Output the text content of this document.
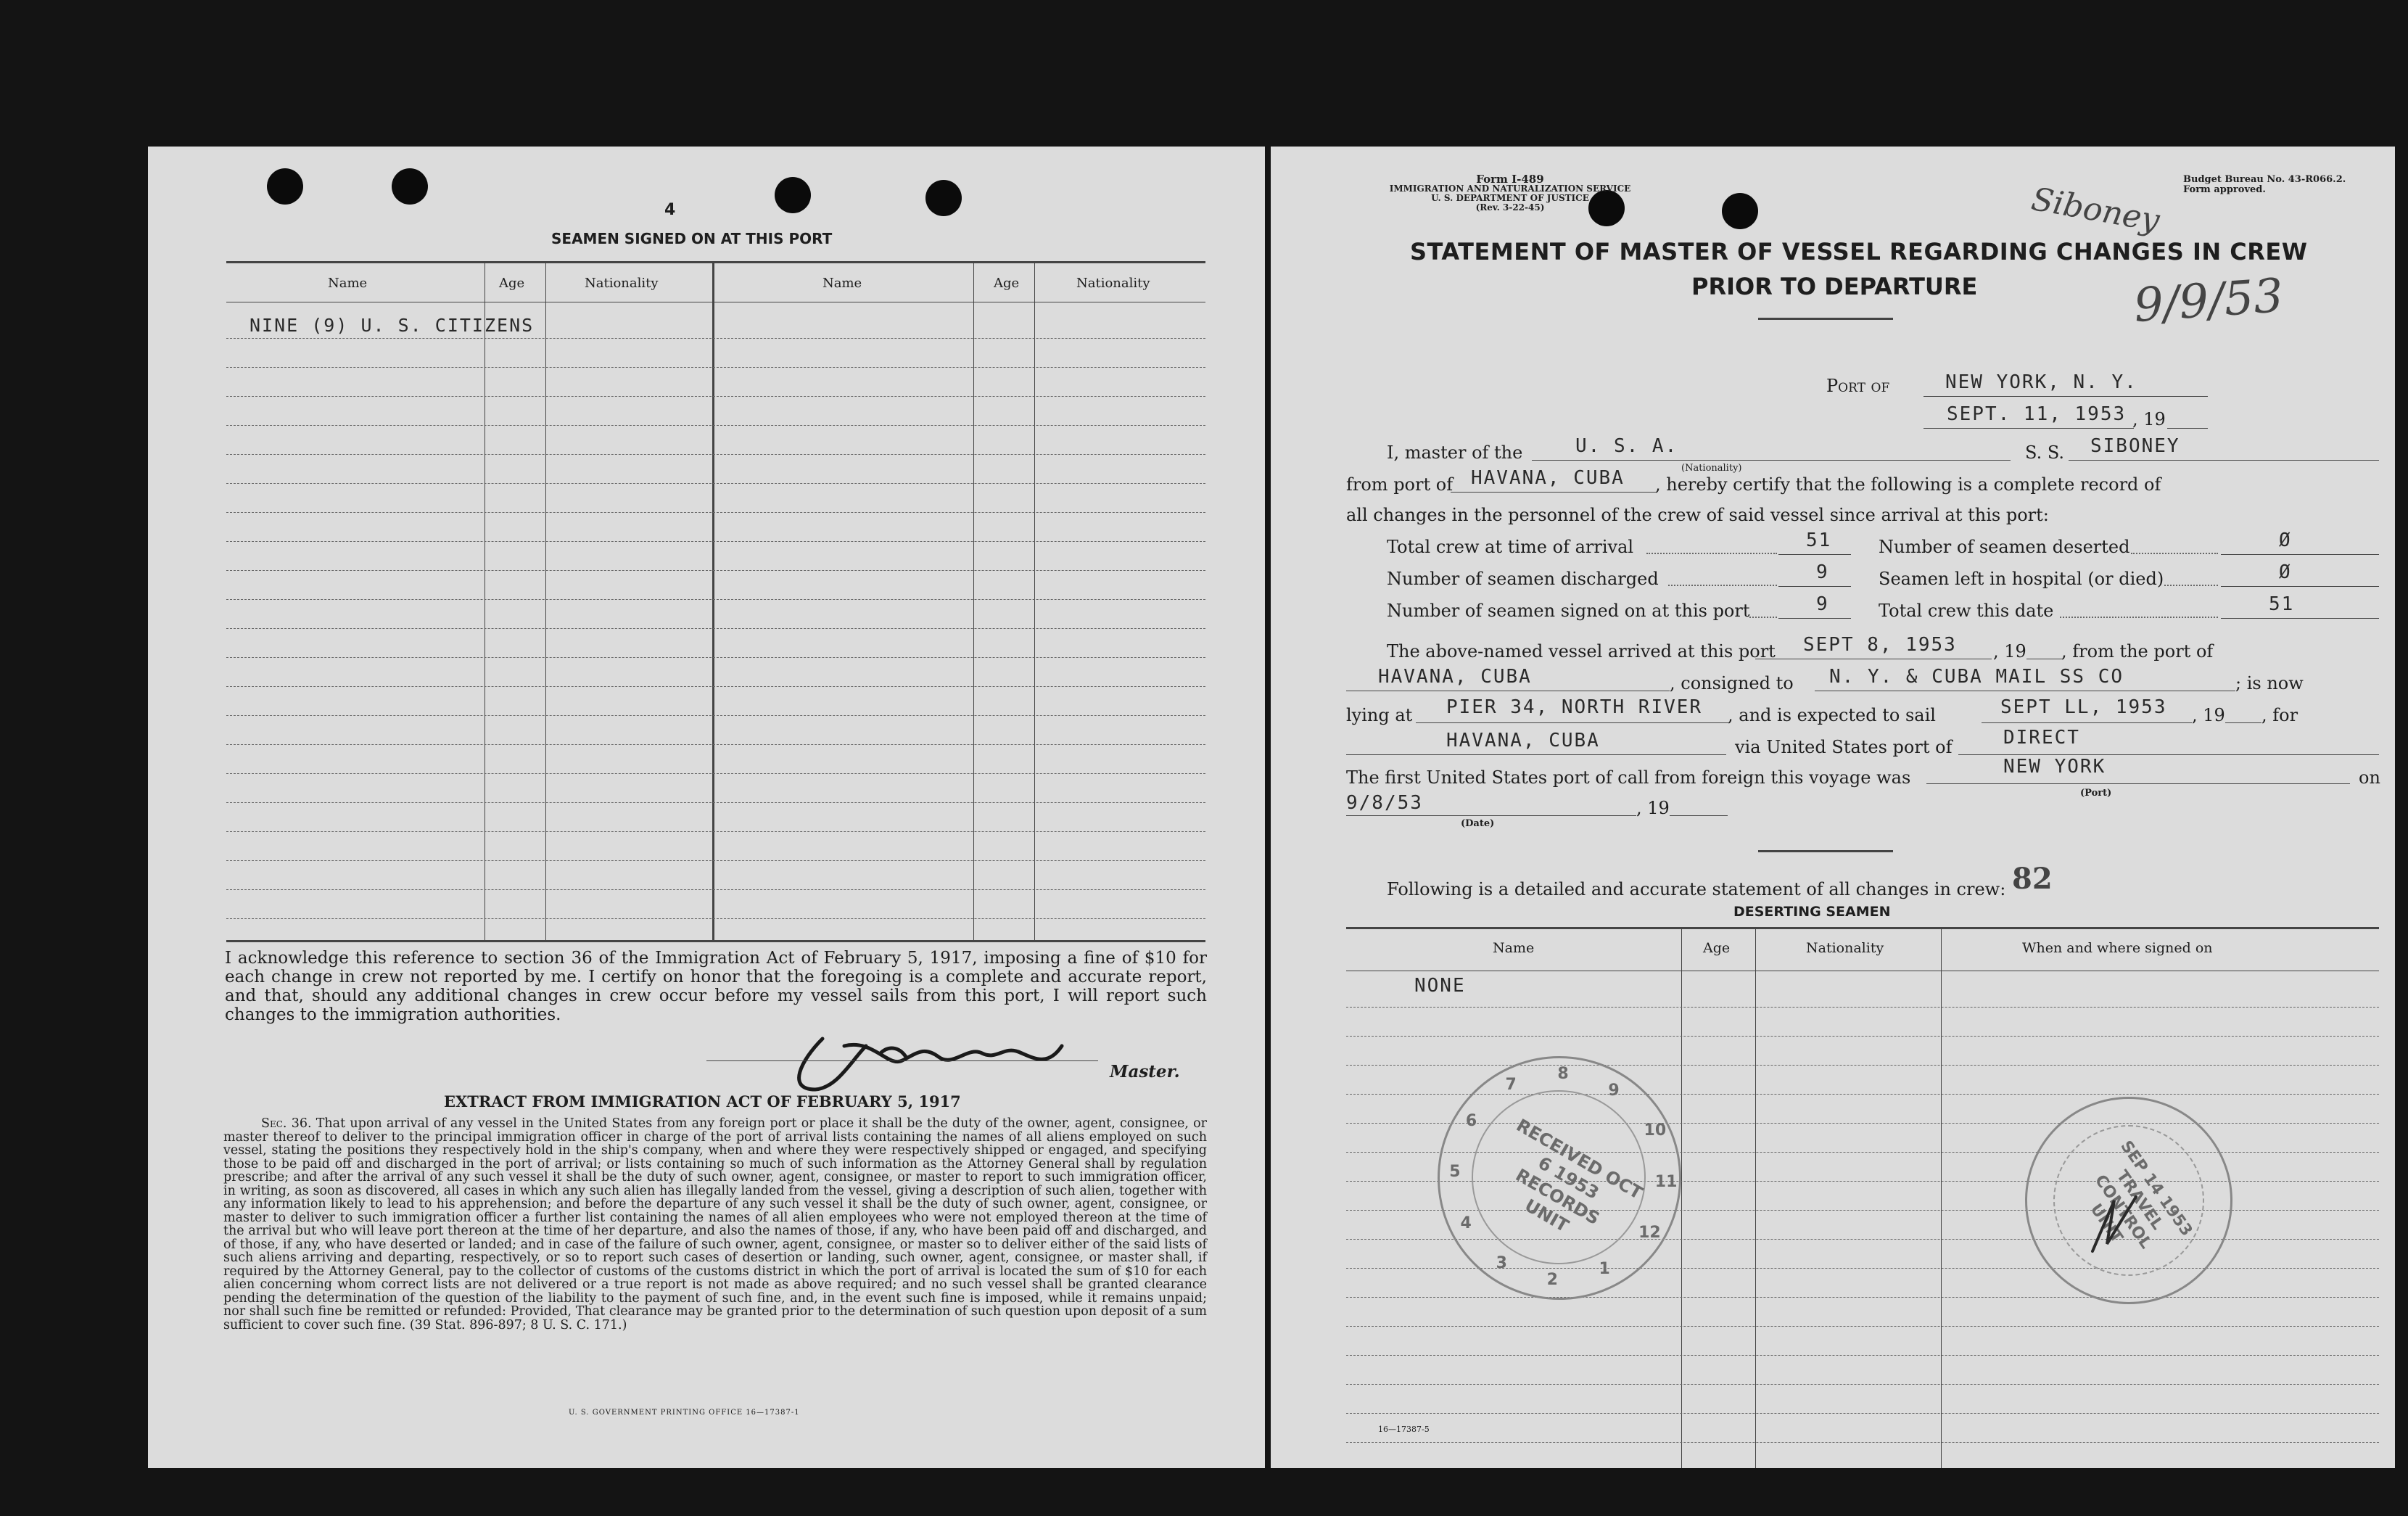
4
SEAMEN SIGNED ON AT THIS PORT
Name	Age	Nationality	Name	Age	Nationality
NINE (9) U. S. CITIZENS
I acknowledge this reference to section 36 of the Immigration Act of February 5, 1917, imposing a fine of $10 for each change in crew not reported by me. I certify on honor that the foregoing is a complete and accurate report, and that, should any additional changes in crew occur before my vessel sails from this port, I will report such changes to the immigration authorities.
Master.
EXTRACT FROM IMMIGRATION ACT OF FEBRUARY 5, 1917
Sec. 36. That upon arrival of any vessel in the United States from any foreign port or place it shall be the duty of the owner, agent, consignee, or master thereof to deliver to the principal immigration officer in charge of the port of arrival lists containing the names of all aliens employed on such vessel, stating the positions they respectively hold in the ship's company, when and where they were respectively shipped or engaged, and specifying those to be paid off and discharged in the port of arrival; or lists containing so much of such information as the Attorney General shall by regulation prescribe; and after the arrival of any such vessel it shall be the duty of such owner, agent, consignee, or master to report to such immigration officer, in writing, as soon as discovered, all cases in which any such alien has illegally landed from the vessel, giving a description of such alien, together with any information likely to lead to his apprehension; and before the departure of any such vessel it shall be the duty of such owner, agent, consignee, or master to deliver to such immigration officer a further list containing the names of all alien employees who were not employed thereon at the time of the arrival but who will leave port thereon at the time of her departure, and also the names of those, if any, who have been paid off and discharged, and of those, if any, who have deserted or landed; and in case of the failure of such owner, agent, consignee, or master so to deliver either of the said lists of such aliens arriving and departing, respectively, or so to report such cases of desertion or landing, such owner, agent, consignee, or master shall, if required by the Attorney General, pay to the collector of customs of the customs district in which the port of arrival is located the sum of $10 for each alien concerning whom correct lists are not delivered or a true report is not made as above required; and no such vessel shall be granted clearance pending the determination of the question of the liability to the payment of such fine, and, in the event such fine is imposed, while it remains unpaid; nor shall such fine be remitted or refunded: Provided, That clearance may be granted prior to the determination of such question upon deposit of a sum sufficient to cover such fine. (39 Stat. 896-897; 8 U. S. C. 171.)
U. S. GOVERNMENT PRINTING OFFICE 16—17387-1
Form I-489
IMMIGRATION AND NATURALIZATION SERVICE
U. S. DEPARTMENT OF JUSTICE
(Rev. 3-22-45)
Budget Bureau No. 43-R066.2.
Form approved.
Siboney
9/9/53
STATEMENT OF MASTER OF VESSEL REGARDING CHANGES IN CREW
PRIOR TO DEPARTURE
Port of	NEW YORK, N. Y.
SEPT. 11, 1953 , 19
I, master of the	U. S. A.
(Nationality)
S. S. SIBONEY
from port of HAVANA, CUBA , hereby certify that the following is a complete record of
all changes in the personnel of the crew of said vessel since arrival at this port:
Total crew at time of arrival	51	Number of seamen deserted	Ø
Number of seamen discharged	9	Seamen left in hospital (or died)	Ø
Number of seamen signed on at this port	9	Total crew this date	51
The above-named vessel arrived at this port SEPT 8, 1953 , 19 , from the port of
HAVANA, CUBA	, consigned to N. Y. & CUBA MAIL SS CO	; is now
lying at PIER 34, NORTH RIVER , and is expected to sail	SEPT LL, 1953 , 19 , for
HAVANA, CUBA	via United States port of	DIRECT
The first United States port of call from foreign this voyage was	NEW YORK
(Port)
on
9/8/53	, 19
(Date)
Following is a detailed and accurate statement of all changes in crew: 82
DESERTING SEAMEN
Name	Age	Nationality	When and where signed on
NONE
7
8
9
10
11
12
1
2
3
4
5
6	RECEIVED OCT 6 1953 RECORDS UNIT	SEP 14 1953 TRAVEL CONTROL UNIT
16—17387-5
